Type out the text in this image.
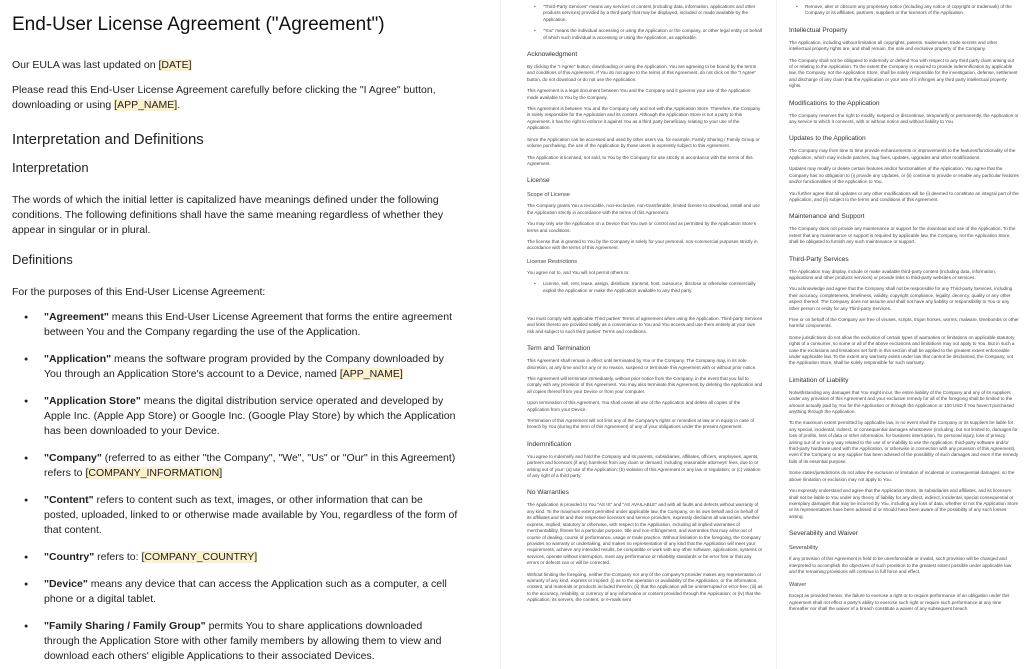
End-User License Agreement ("Agreement")

Our EULA was last updated on [DATE]

Please read this End-User License Agreement carefully before clicking the "I Agree" button, downloading or using [APP_NAME].

Interpretation and Definitions
Interpretation

The words of which the initial letter is capitalized have meanings defined under the following conditions. The following definitions shall have the same meaning regardless of whether they appear in singular or in plural.

Definitions

For the purposes of this End-User License Agreement:

● "Agreement" means this End-User License Agreement that forms the entire agreement between You and the Company regarding the use of the Application.
● "Application" means the software program provided by the Company downloaded by You through an Application Store's account to a Device, named [APP_NAME]
● "Application Store" means the digital distribution service operated and developed by Apple Inc. (Apple App Store) or Google Inc. (Google Play Store) by which the Application has been downloaded to your Device.
● "Company" (referred to as either "the Company", "We", "Us" or "Our" in this Agreement) refers to [COMPANY_INFORMATION]
● "Content" refers to content such as text, images, or other information that can be posted, uploaded, linked to or otherwise made available by You, regardless of the form of that content.
● "Country" refers to: [COMPANY_COUNTRY]
● "Device" means any device that can access the Application such as a computer, a cell phone or a digital tablet.
● "Family Sharing / Family Group" permits You to share applications downloaded through the Application Store with other family members by allowing them to view and download each others' eligible Applications to their associated Devices.
• "Third-Party Services" means any services or content (including data, information, applications and other products services) provided by a third-party that may be displayed, included or made available by the Application.
• "You" means the individual accessing or using the Application or the company, or other legal entity on behalf of which such individual is accessing or using the Application, as applicable.
Acknowledgment

By clicking the "I Agree" button, downloading or using the Application, You are agreeing to be bound by the terms and conditions of this Agreement. If You do not agree to the terms of this Agreement, do not click on the "I Agree" button, do not download or do not use the Application.

This Agreement is a legal document between You and the Company and it governs your use of the Application made available to You by the Company.

This Agreement is between You and the Company only and not with the Application Store. Therefore, the Company is solely responsible for the Application and its content. Although the Application Store is not a party to this Agreement, it has the right to enforce it against You as a third party beneficiary relating to your use of the Application.

Since the Application can be accessed and used by other users via, for example, Family Sharing / Family Group or volume purchasing, the use of the Application by those users is expressly subject to this Agreement.

The Application is licensed, not sold, to You by the Company for use strictly in accordance with the terms of this Agreement.

License
Scope of License

The Company grants You a revocable, non-exclusive, non-transferable, limited license to download, install and use the Application strictly in accordance with the terms of this Agreement.

You may only use the Application on a Device that You own or control and as permitted by the Application Store's terms and conditions.

The license that is granted to You by the Company is solely for your personal, non-commercial purposes strictly in accordance with the terms of this Agreement.

License Restrictions

You agree not to, and You will not permit others to:

• License, sell, rent, lease, assign, distribute, transmit, host, outsource, disclose or otherwise commercially exploit the Application or make the Application available to any third party.

You must comply with applicable Third parties' Terms of agreement when using the Application. Third-party Services and links thereto are provided solely as a convenience to You and You access and use them entirely at your own risk and subject to such third parties' Terms and conditions.

Term and Termination

This Agreement shall remain in effect until terminated by You or the Company. The Company may, in its sole discretion, at any time and for any or no reason, suspend or terminate this Agreement with or without prior notice.

This Agreement will terminate immediately, without prior notice from the Company, in the event that you fail to comply with any provision of this Agreement. You may also terminate this Agreement by deleting the Application and all copies thereof from your Device or from your computer.

Upon termination of this Agreement, You shall cease all use of the Application and delete all copies of the Application from your Device.

Termination of this Agreement will not limit any of the Company's rights or remedies at law or in equity in case of breach by You (during the term of this Agreement) of any of your obligations under the present Agreement.

Indemnification

You agree to indemnify and hold the Company and its parents, subsidiaries, affiliates, officers, employees, agents, partners and licensors (if any) harmless from any claim or demand, including reasonable attorneys' fees, due to or arising out of your: (a) use of the Application; (b) violation of this Agreement or any law or regulation; or (c) violation of any right of a third party.

No Warranties

The Application is provided to You "AS IS" and "AS AVAILABLE" and with all faults and defects without warranty of any kind. To the maximum extent permitted under applicable law, the Company, on its own behalf and on behalf of its affiliates and its and their respective licensors and service providers, expressly disclaims all warranties, whether express, implied, statutory or otherwise, with respect to the Application, including all implied warranties of merchantability, fitness for a particular purpose, title and non-infringement, and warranties that may arise out of course of dealing, course of performance, usage or trade practice. Without limitation to the foregoing, the Company provides no warranty or undertaking, and makes no representation of any kind that the Application will meet your requirements, achieve any intended results, be compatible or work with any other software, applications, systems or services, operate without interruption, meet any performance or reliability standards or be error free or that any errors or defects can or will be corrected.

Without limiting the foregoing, neither the Company nor any of the company's provider makes any representation or warranty of any kind, express or implied: (i) as to the operation or availability of the Application, or the information, content, and materials or products included thereon; (ii) that the Application will be uninterrupted or error-free; (iii) as to the accuracy, reliability, or currency of any information or content provided through the Application; or (iv) that the Application, its servers, the content, or e-mails sent

• Remove, alter or obscure any proprietary notice (including any notice of copyright or trademark) of the Company or its affiliates, partners, suppliers or the licensors of the Application.
Intellectual Property

The Application, including without limitation all copyrights, patents, trademarks, trade secrets and other intellectual property rights are, and shall remain, the sole and exclusive property of the Company.

The Company shall not be obligated to indemnify or defend You with respect to any third party claim arising out of or relating to the Application. To the extent the Company is required to provide indemnification by applicable law, the Company, not the Application Store, shall be solely responsible for the investigation, defense, settlement and discharge of any claim that the Application or your use of it infringes any third party intellectual property rights.

Modifications to the Application

The Company reserves the right to modify, suspend or discontinue, temporarily or permanently, the Application or any service to which it connects, with or without notice and without liability to You.

Updates to the Application

The Company may from time to time provide enhancements or improvements to the features/functionality of the Application, which may include patches, bug fixes, updates, upgrades and other modifications.

Updates may modify or delete certain features and/or functionalities of the Application. You agree that the Company has no obligation to (i) provide any Updates, or (ii) continue to provide or enable any particular features and/or functionalities of the Application to You.

You further agree that all updates or any other modifications will be (i) deemed to constitute an integral part of the Application, and (ii) subject to the terms and conditions of this Agreement.

Maintenance and Support

The Company does not provide any maintenance or support for the download and use of the Application. To the extent that any maintenance or support is required by applicable law, the Company, not the Application Store, shall be obligated to furnish any such maintenance or support.

Third-Party Services

The Application may display, include or make available third-party content (including data, information, applications and other products services) or provide links to third-party websites or services.

You acknowledge and agree that the Company shall not be responsible for any Third-party Services, including their accuracy, completeness, timeliness, validity, copyright compliance, legality, decency, quality or any other aspect thereof. The Company does not assume and shall not have any liability or responsibility to You or any other person or entity for any Third-party Services.

Free or on behalf of the Company are free of viruses, scripts, trojan horses, worms, malware, timebombs or other harmful components.

Some jurisdictions do not allow the exclusion of certain types of warranties or limitations on applicable statutory rights of a consumer, so some or all of the above exclusions and limitations may not apply to You. But in such a case the exclusions and limitations set forth in this section shall be applied to the greatest extent enforceable under applicable law. To the extent any warranty exists under law that cannot be disclaimed, the Company, not the Application Store, shall be solely responsible for such warranty.

Limitation of Liability

Notwithstanding any damages that You might incur, the entire liability of the Company and any of its suppliers under any provision of this Agreement and your exclusive remedy for all of the foregoing shall be limited to the amount actually paid by You for the Application or through the Application or 100 USD if You haven't purchased anything through the Application.

To the maximum extent permitted by applicable law, in no event shall the Company or its suppliers be liable for any special, incidental, indirect, or consequential damages whatsoever (including, but not limited to, damages for loss of profits, loss of data or other information, for business interruption, for personal injury, loss of privacy arising out of or in any way related to the use of or inability to use the Application, third-party software and/or third-party hardware used with the Application, or otherwise in connection with any provision of this Agreement), even if the Company or any supplier has been advised of the possibility of such damages and even if the remedy fails of its essential purpose.

Some states/jurisdictions do not allow the exclusion or limitation of incidental or consequential damages, so the above limitation or exclusion may not apply to You.

You expressly understand and agree that the Application Store, its subsidiaries and affiliates, and its licensors shall not be liable to You under any theory of liability for any direct, indirect, incidental, special consequential or exemplary damages that may be incurred by You, including any loss of data, whether or not the Application Store or its representatives have been advised of or should have been aware of the possibility of any such losses arising.

Severability and Waiver
Severability

If any provision of this Agreement is held to be unenforceable or invalid, such provision will be changed and interpreted to accomplish the objectives of such provision to the greatest extent possible under applicable law and the remaining provisions will continue in full force and effect.

Waiver

Except as provided herein, the failure to exercise a right or to require performance of an obligation under this Agreement shall not effect a party's ability to exercise such right or require such performance at any time thereafter nor shall the waiver of a breach constitute a waiver of any subsequent breach.
